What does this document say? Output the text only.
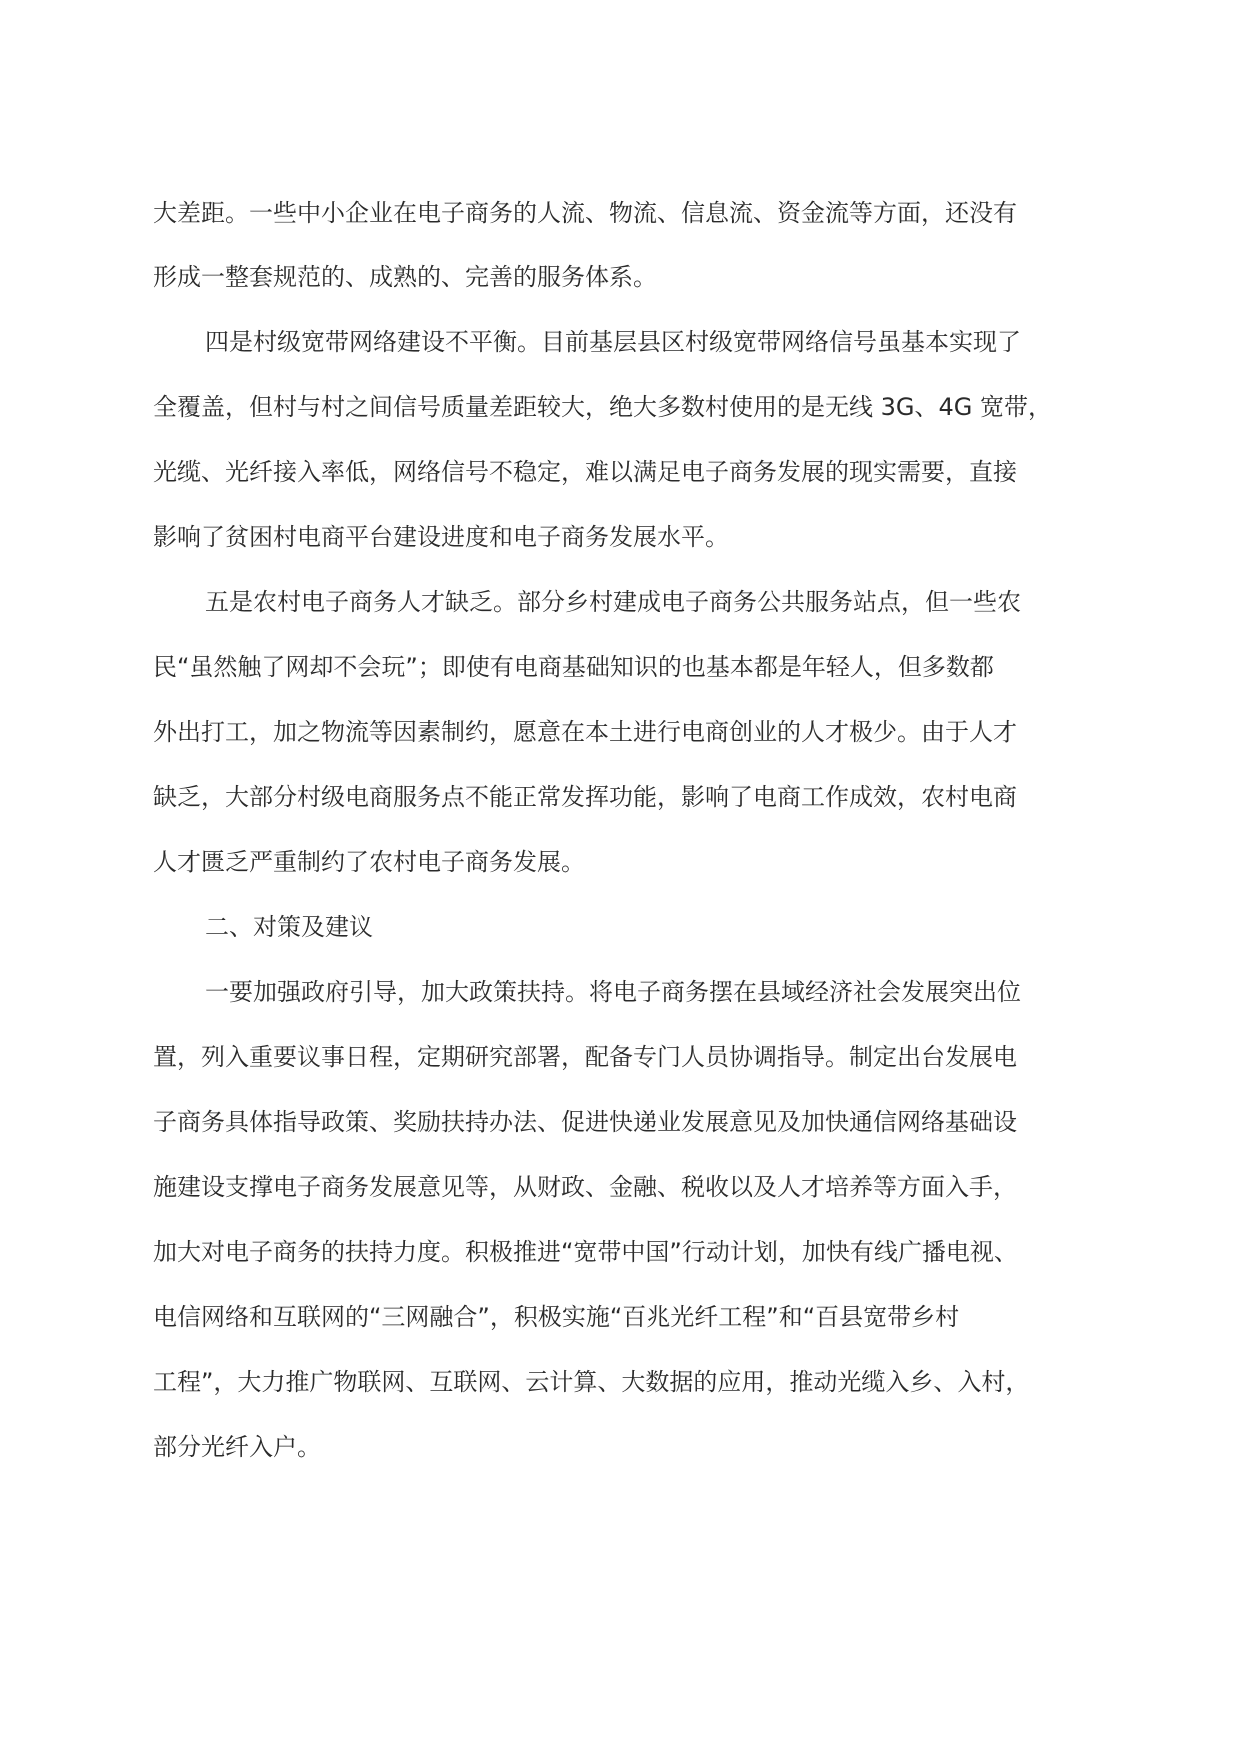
大差距。一些中小企业在电子商务的人流、物流、信息流、资金流等方面，还没有
形成一整套规范的、成熟的、完善的服务体系。
四是村级宽带网络建设不平衡。目前基层县区村级宽带网络信号虽基本实现了
全覆盖，但村与村之间信号质量差距较大，绝大多数村使用的是无线 3G、4G 宽带，
光缆、光纤接入率低，网络信号不稳定，难以满足电子商务发展的现实需要，直接
影响了贫困村电商平台建设进度和电子商务发展水平。
五是农村电子商务人才缺乏。部分乡村建成电子商务公共服务站点，但一些农
民“虽然触了网却不会玩”；即使有电商基础知识的也基本都是年轻人，但多数都
外出打工，加之物流等因素制约，愿意在本土进行电商创业的人才极少。由于人才
缺乏，大部分村级电商服务点不能正常发挥功能，影响了电商工作成效，农村电商
人才匮乏严重制约了农村电子商务发展。
二、对策及建议
一要加强政府引导，加大政策扶持。将电子商务摆在县域经济社会发展突出位
置，列入重要议事日程，定期研究部署，配备专门人员协调指导。制定出台发展电
子商务具体指导政策、奖励扶持办法、促进快递业发展意见及加快通信网络基础设
施建设支撑电子商务发展意见等，从财政、金融、税收以及人才培养等方面入手，
加大对电子商务的扶持力度。积极推进“宽带中国”行动计划，加快有线广播电视、
电信网络和互联网的“三网融合”，积极实施“百兆光纤工程”和“百县宽带乡村
工程”，大力推广物联网、互联网、云计算、大数据的应用，推动光缆入乡、入村，
部分光纤入户。
